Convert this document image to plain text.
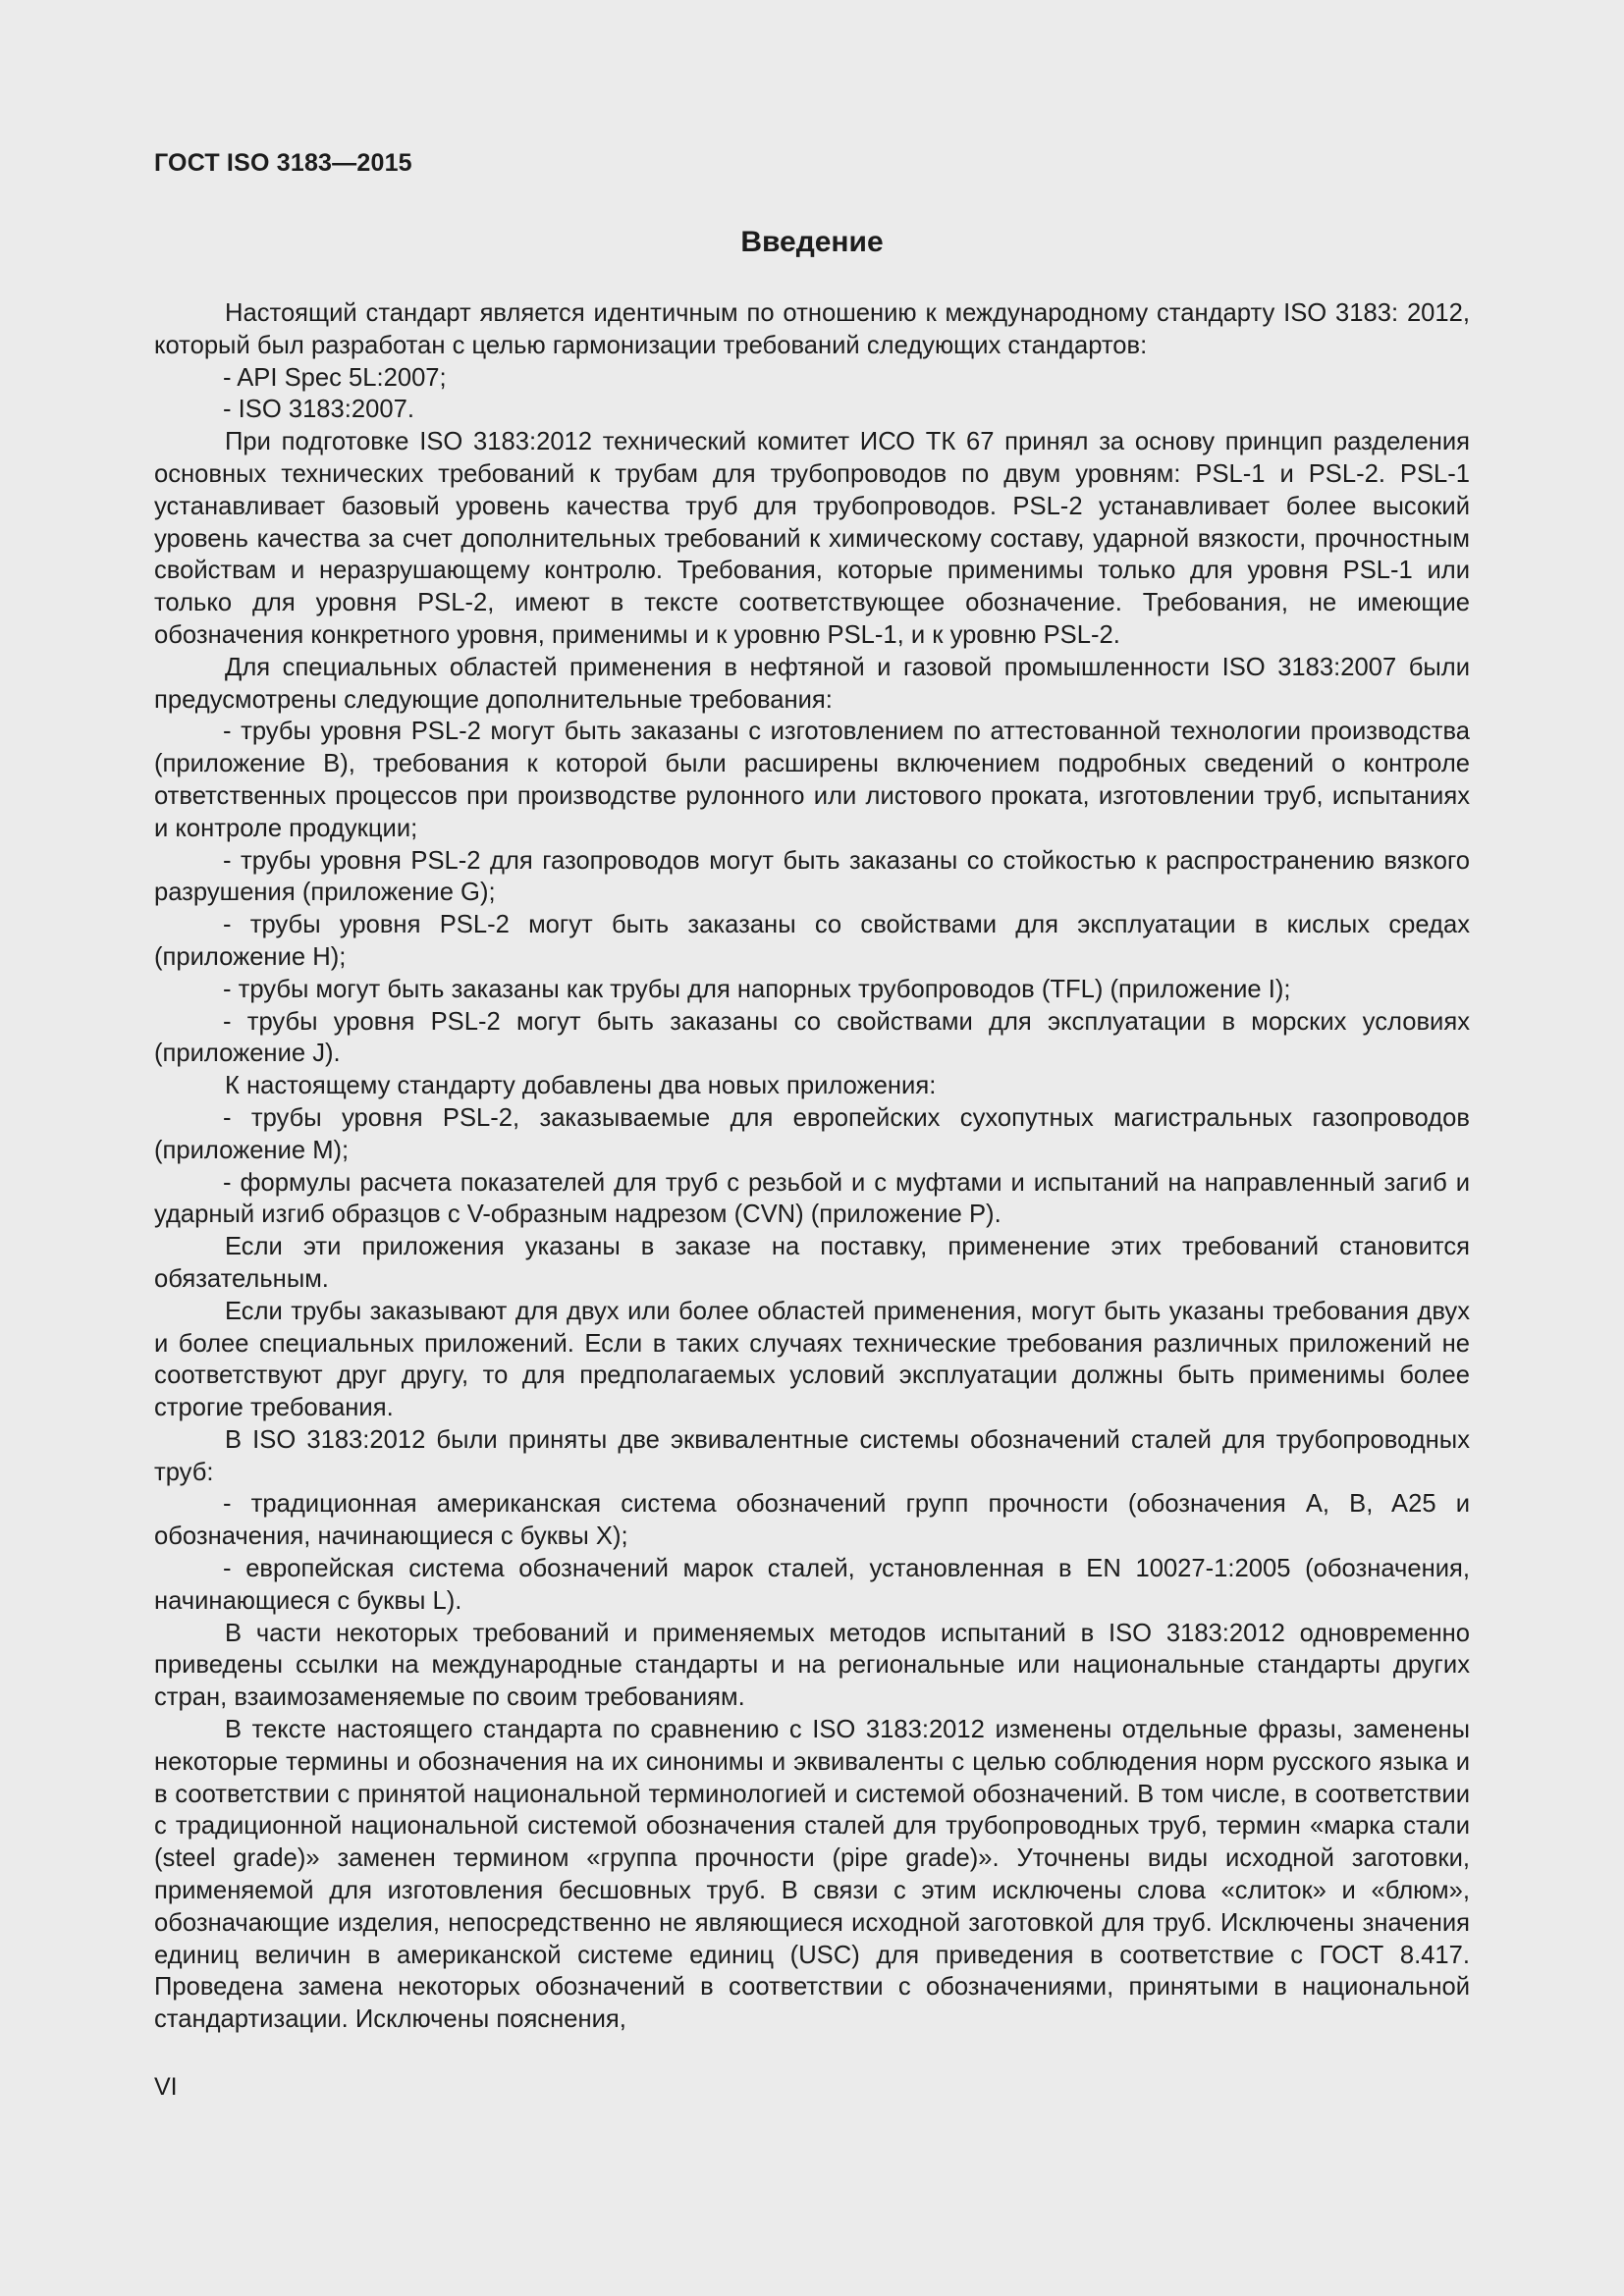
ГОСТ ISO 3183—2015
Введение

Настоящий стандарт является идентичным по отношению к международному стандарту ISO 3183: 2012, который был разработан с целью гармонизации требований следующих стандартов:

- API Spec 5L:2007;

- ISO 3183:2007.

При подготовке ISO 3183:2012 технический комитет ИСО ТК 67 принял за основу принцип разделения основных технических требований к трубам для трубопроводов по двум уровням: PSL-1 и PSL-2. PSL-1 устанавливает базовый уровень качества труб для трубопроводов. PSL-2 устанавливает более высокий уровень качества за счет дополнительных требований к химическому составу, ударной вязкости, прочностным свойствам и неразрушающему контролю. Требования, которые применимы только для уровня PSL-1 или только для уровня PSL-2, имеют в тексте соответствующее обозначение. Требования, не имеющие обозначения конкретного уровня, применимы и к уровню PSL-1, и к уровню PSL-2.

Для специальных областей применения в нефтяной и газовой промышленности ISO 3183:2007 были предусмотрены следующие дополнительные требования:

- трубы уровня PSL-2 могут быть заказаны с изготовлением по аттестованной технологии производства (приложение B), требования к которой были расширены включением подробных сведений о контроле ответственных процессов при производстве рулонного или листового проката, изготовлении труб, испытаниях и контроле продукции;

- трубы уровня PSL-2 для газопроводов могут быть заказаны со стойкостью к распространению вязкого разрушения (приложение G);

- трубы уровня PSL-2 могут быть заказаны со свойствами для эксплуатации в кислых средах (приложение H);

- трубы могут быть заказаны как трубы для напорных трубопроводов (TFL) (приложение I);

- трубы уровня PSL-2 могут быть заказаны со свойствами для эксплуатации в морских условиях (приложение J).

К настоящему стандарту добавлены два новых приложения:

- трубы уровня PSL-2, заказываемые для европейских сухопутных магистральных газопроводов (приложение M);

- формулы расчета показателей для труб с резьбой и с муфтами и испытаний на направленный загиб и ударный изгиб образцов с V-образным надрезом (CVN) (приложение P).

Если эти приложения указаны в заказе на поставку, применение этих требований становится обязательным.

Если трубы заказывают для двух или более областей применения, могут быть указаны требования двух и более специальных приложений. Если в таких случаях технические требования различных приложений не соответствуют друг другу, то для предполагаемых условий эксплуатации должны быть применимы более строгие требования.

В ISO 3183:2012 были приняты две эквивалентные системы обозначений сталей для трубопроводных труб:

- традиционная американская система обозначений групп прочности (обозначения A, B, A25 и обозначения, начинающиеся с буквы X);

- европейская система обозначений марок сталей, установленная в EN 10027-1:2005 (обозначения, начинающиеся с буквы L).

В части некоторых требований и применяемых методов испытаний в ISO 3183:2012 одновременно приведены ссылки на международные стандарты и на региональные или национальные стандарты других стран, взаимозаменяемые по своим требованиям.

В тексте настоящего стандарта по сравнению с ISO 3183:2012 изменены отдельные фразы, заменены некоторые термины и обозначения на их синонимы и эквиваленты с целью соблюдения норм русского языка и в соответствии с принятой национальной терминологией и системой обозначений. В том числе, в соответствии с традиционной национальной системой обозначения сталей для трубопроводных труб, термин «марка стали (steel grade)» заменен термином «группа прочности (pipe grade)». Уточнены виды исходной заготовки, применяемой для изготовления бесшовных труб. В связи с этим исключены слова «слиток» и «блюм», обозначающие изделия, непосредственно не являющиеся исходной заготовкой для труб. Исключены значения единиц величин в американской системе единиц (USC) для приведения в соответствие с ГОСТ 8.417. Проведена замена некоторых обозначений в соответствии с обозначениями, принятыми в национальной стандартизации. Исключены пояснения,

VI
